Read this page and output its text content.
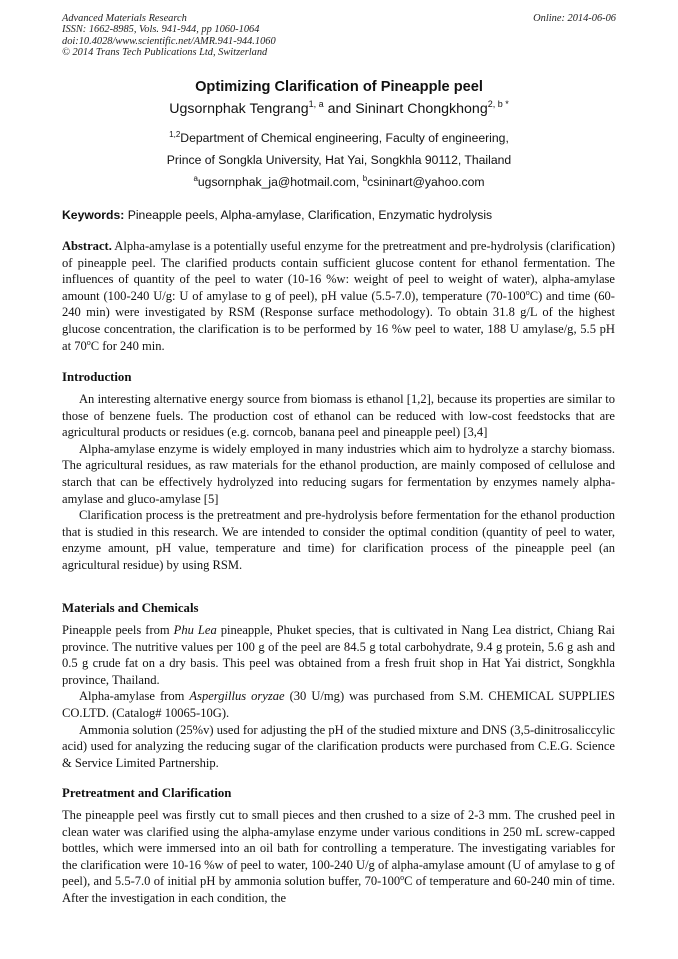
Advanced Materials Research
ISSN: 1662-8985, Vols. 941-944, pp 1060-1064
doi:10.4028/www.scientific.net/AMR.941-944.1060
© 2014 Trans Tech Publications Ltd, Switzerland
Online: 2014-06-06
Optimizing Clarification of Pineapple peel
Ugsornphak Tengrang$^{1, a}$ and Sininart Chongkhong$^{2, b *}$
$^{1,2}$Department of Chemical engineering, Faculty of engineering,
Prince of Songkla University, Hat Yai, Songkhla 90112, Thailand
$^a$ugsornphak_ja@hotmail.com, $^b$csininart@yahoo.com
Keywords: Pineapple peels, Alpha-amylase, Clarification, Enzymatic hydrolysis

Abstract. Alpha-amylase is a potentially useful enzyme for the pretreatment and pre-hydrolysis (clarification) of pineapple peel. The clarified products contain sufficient glucose content for ethanol fermentation. The influences of quantity of the peel to water (10-16 %w: weight of peel to weight of water), alpha-amylase amount (100-240 U/g: U of amylase to g of peel), pH value (5.5-7.0), temperature (70-100$^o$C) and time (60-240 min) were investigated by RSM (Response surface methodology). To obtain 31.8 g/L of the highest glucose concentration, the clarification is to be performed by 16 %w peel to water, 188 U amylase/g, 5.5 pH at 70$^o$C for 240 min.

Introduction

An interesting alternative energy source from biomass is ethanol [1,2], because its properties are similar to those of benzene fuels. The production cost of ethanol can be reduced with low-cost feedstocks that are agricultural products or residues (e.g. corncob, banana peel and pineapple peel) [3,4]

Alpha-amylase enzyme is widely employed in many industries which aim to hydrolyze a starchy biomass. The agricultural residues, as raw materials for the ethanol production, are mainly composed of cellulose and starch that can be effectively hydrolyzed into reducing sugars for fermentation by enzymes namely alpha-amylase and gluco-amylase [5]

Clarification process is the pretreatment and pre-hydrolysis before fermentation for the ethanol production that is studied in this research. We are intended to consider the optimal condition (quantity of peel to water, enzyme amount, pH value, temperature and time) for clarification process of the pineapple peel (an agricultural residue) by using RSM.

Materials and Chemicals

Pineapple peels from Phu Lea pineapple, Phuket species, that is cultivated in Nang Lea district, Chiang Rai province. The nutritive values per 100 g of the peel are 84.5 g total carbohydrate, 9.4 g protein, 5.6 g ash and 0.5 g crude fat on a dry basis. This peel was obtained from a fresh fruit shop in Hat Yai district, Songkhla province, Thailand.

Alpha-amylase from Aspergillus oryzae (30 U/mg) was purchased from S.M. CHEMICAL SUPPLIES CO.LTD. (Catalog# 10065-10G).

Ammonia solution (25%v) used for adjusting the pH of the studied mixture and DNS (3,5-dinitrosaliccylic acid) used for analyzing the reducing sugar of the clarification products were purchased from C.E.G. Science & Service Limited Partnership.

Pretreatment and Clarification

The pineapple peel was firstly cut to small pieces and then crushed to a size of 2-3 mm. The crushed peel in clean water was clarified using the alpha-amylase enzyme under various conditions in 250 mL screw-capped bottles, which were immersed into an oil bath for controlling a temperature. The investigating variables for the clarification were 10-16 %w of peel to water, 100-240 U/g of alpha-amylase amount (U of amylase to g of peel), and 5.5-7.0 of initial pH by ammonia solution buffer, 70-100$^o$C of temperature and 60-240 min of time. After the investigation in each condition, the
